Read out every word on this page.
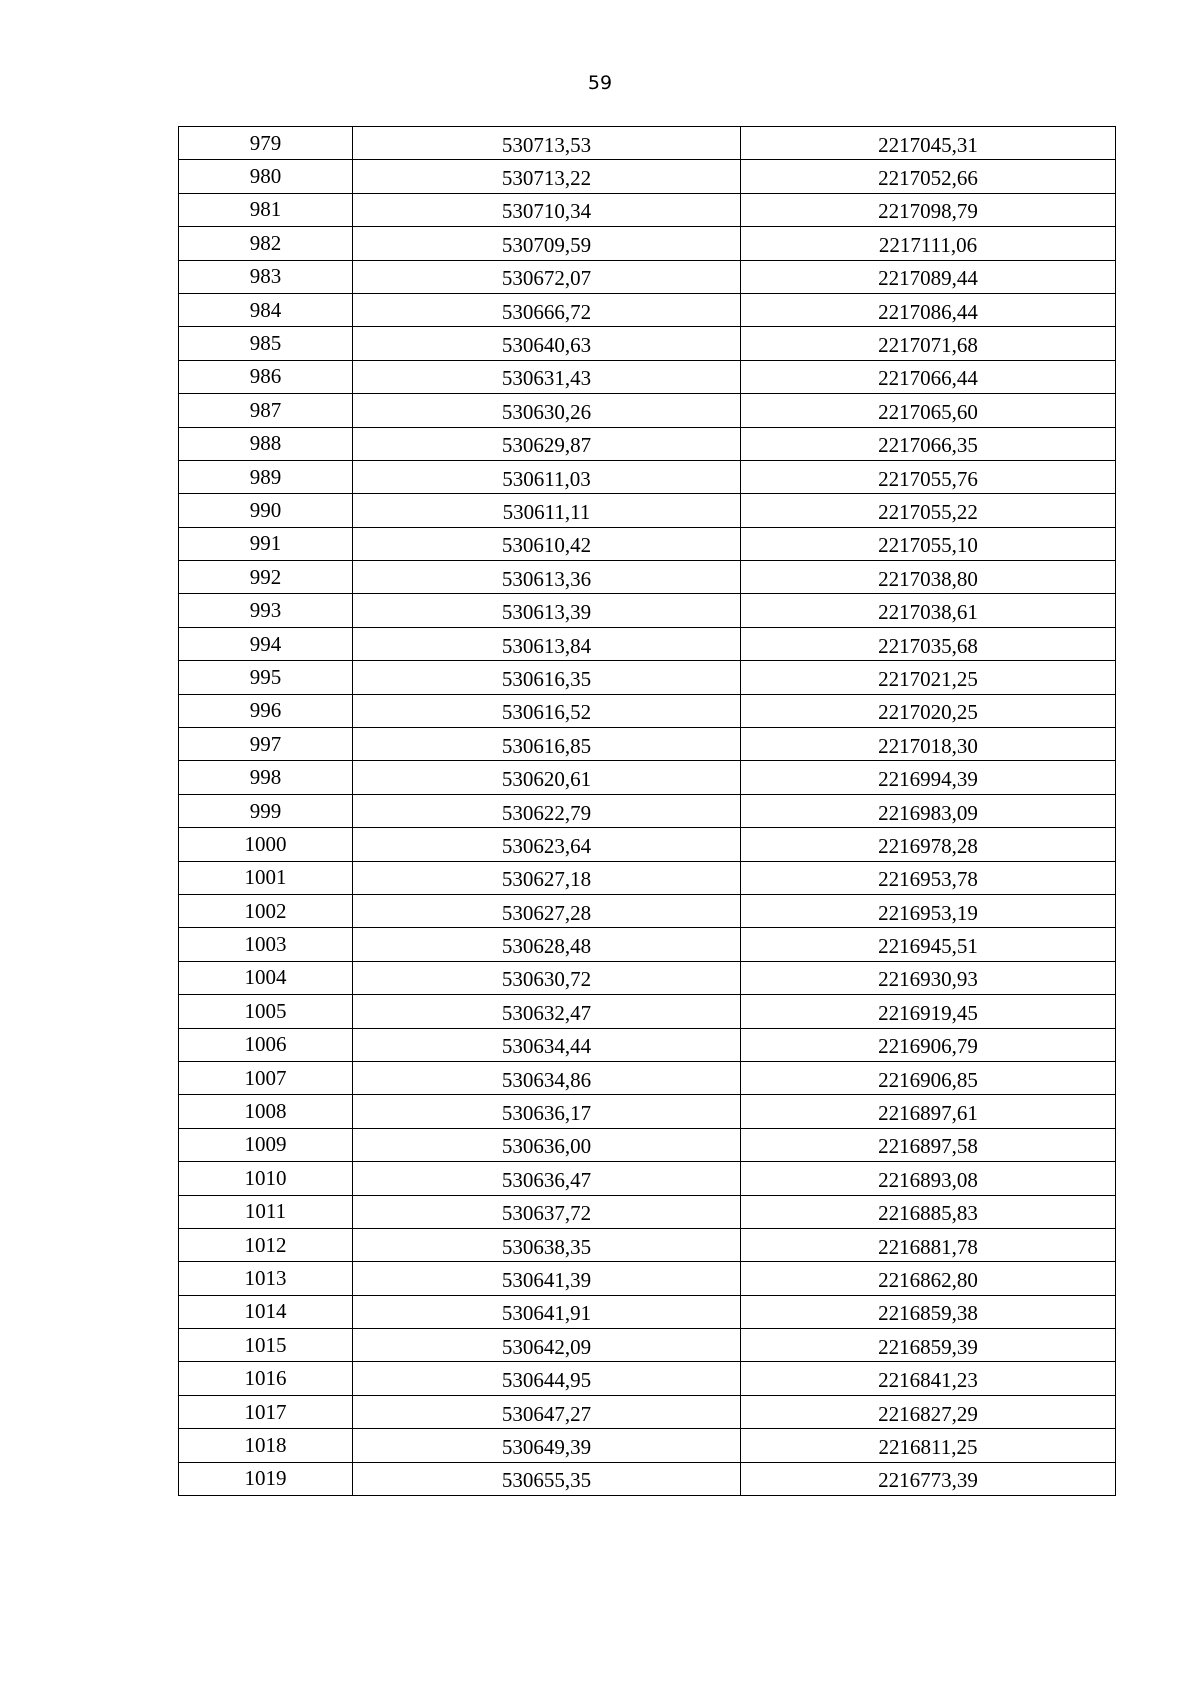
59
979	530713,53	2217045,31
980	530713,22	2217052,66
981	530710,34	2217098,79
982	530709,59	2217111,06
983	530672,07	2217089,44
984	530666,72	2217086,44
985	530640,63	2217071,68
986	530631,43	2217066,44
987	530630,26	2217065,60
988	530629,87	2217066,35
989	530611,03	2217055,76
990	530611,11	2217055,22
991	530610,42	2217055,10
992	530613,36	2217038,80
993	530613,39	2217038,61
994	530613,84	2217035,68
995	530616,35	2217021,25
996	530616,52	2217020,25
997	530616,85	2217018,30
998	530620,61	2216994,39
999	530622,79	2216983,09
1000	530623,64	2216978,28
1001	530627,18	2216953,78
1002	530627,28	2216953,19
1003	530628,48	2216945,51
1004	530630,72	2216930,93
1005	530632,47	2216919,45
1006	530634,44	2216906,79
1007	530634,86	2216906,85
1008	530636,17	2216897,61
1009	530636,00	2216897,58
1010	530636,47	2216893,08
1011	530637,72	2216885,83
1012	530638,35	2216881,78
1013	530641,39	2216862,80
1014	530641,91	2216859,38
1015	530642,09	2216859,39
1016	530644,95	2216841,23
1017	530647,27	2216827,29
1018	530649,39	2216811,25
1019	530655,35	2216773,39
